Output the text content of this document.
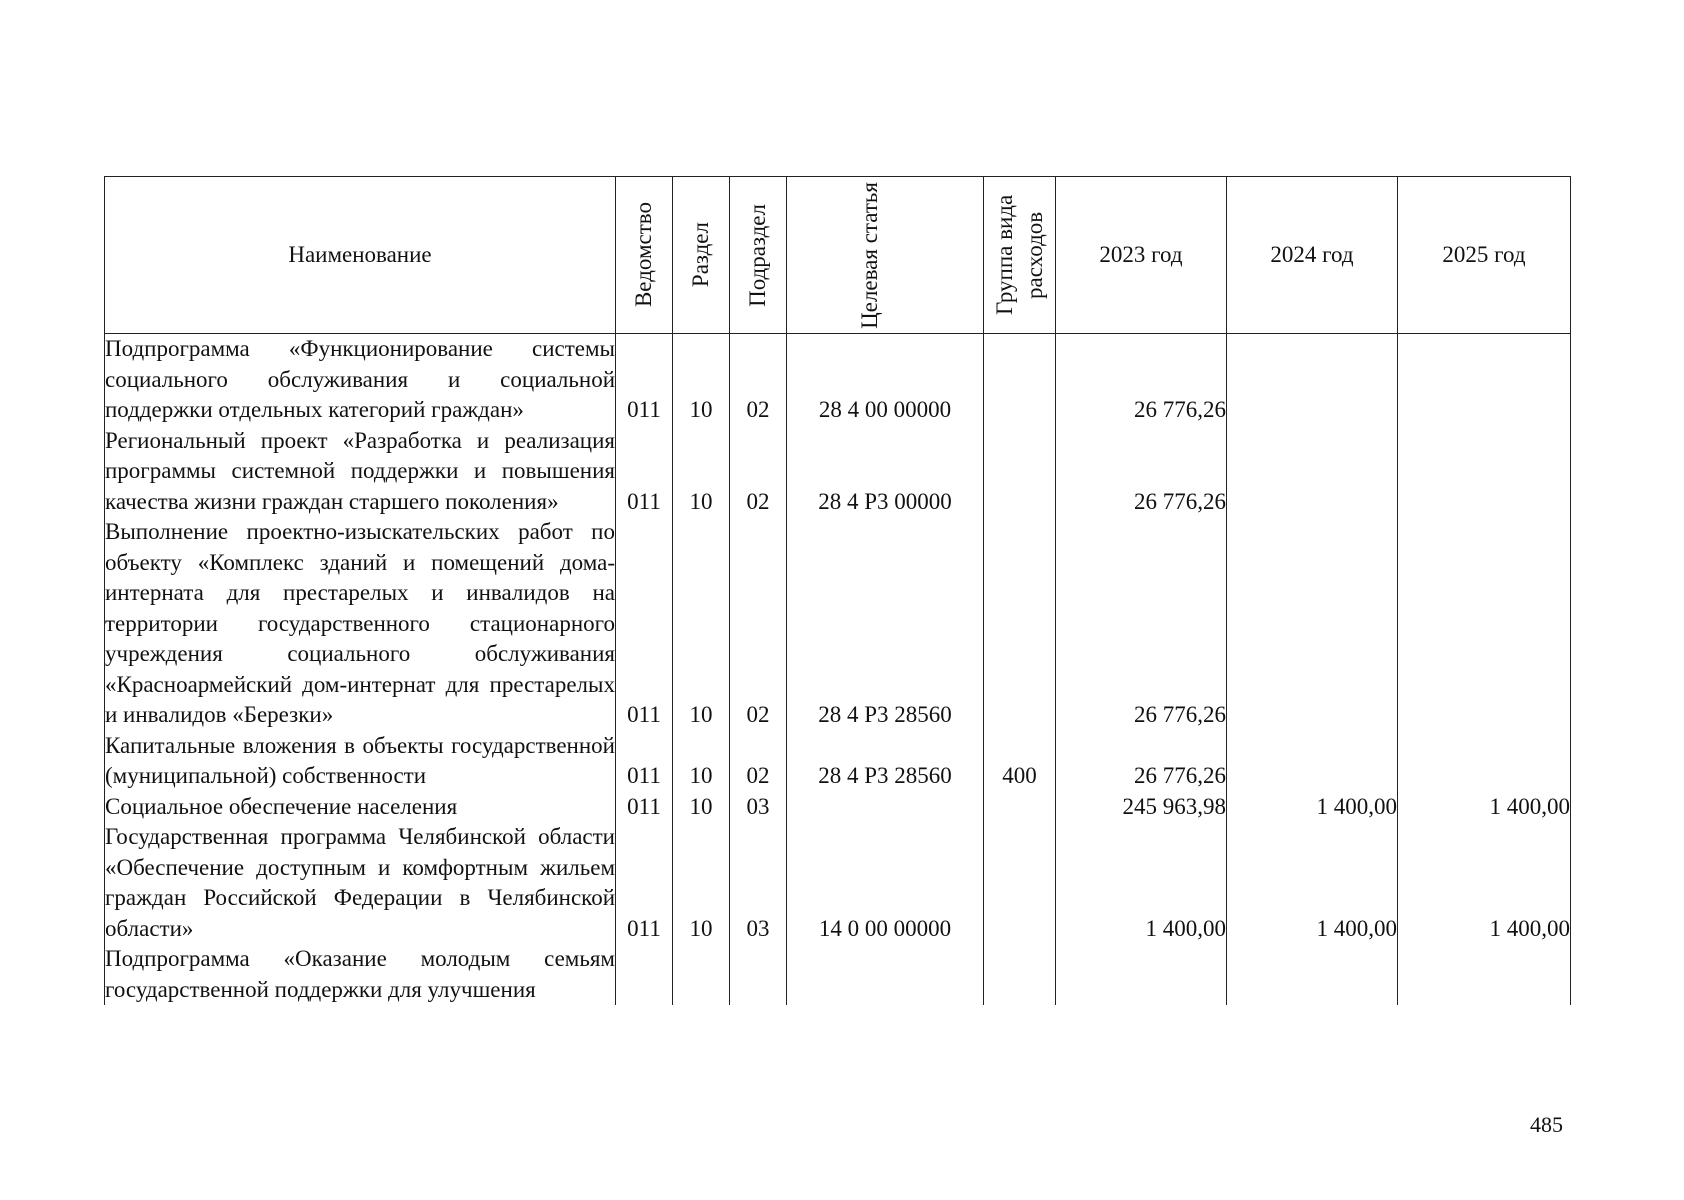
Наименование	Ведомство	Раздел	Подраздел	Целевая статья	Группа вида расходов	2023 год	2024 год	2025 год
Подпрограмма «Функционирование системы социального обслуживания и социальной поддержки отдельных категорий граждан»	011	10	02	28 4 00 00000		26 776,26		
Региональный проект «Разработка и реализация программы системной поддержки и повышения качества жизни граждан старшего поколения»	011	10	02	28 4 Р3 00000		26 776,26		
Выполнение проектно-изыскательских работ по объекту «Комплекс зданий и помещений дома-интерната для престарелых и инвалидов на территории государственного стационарного учреждения социального обслуживания «Красноармейский дом-интернат для престарелых и инвалидов «Березки»	011	10	02	28 4 Р3 28560		26 776,26		
Капитальные вложения в объекты государственной (муниципальной) собственности	011	10	02	28 4 Р3 28560	400	26 776,26		
Социальное обеспечение населения	011	10	03			245 963,98	1 400,00	1 400,00
Государственная программа Челябинской области «Обеспечение доступным и комфортным жильем граждан Российской Федерации в Челябинской области»	011	10	03	14 0 00 00000		1 400,00	1 400,00	1 400,00
Подпрограмма «Оказание молодым семьям государственной поддержки для улучшения								
485
